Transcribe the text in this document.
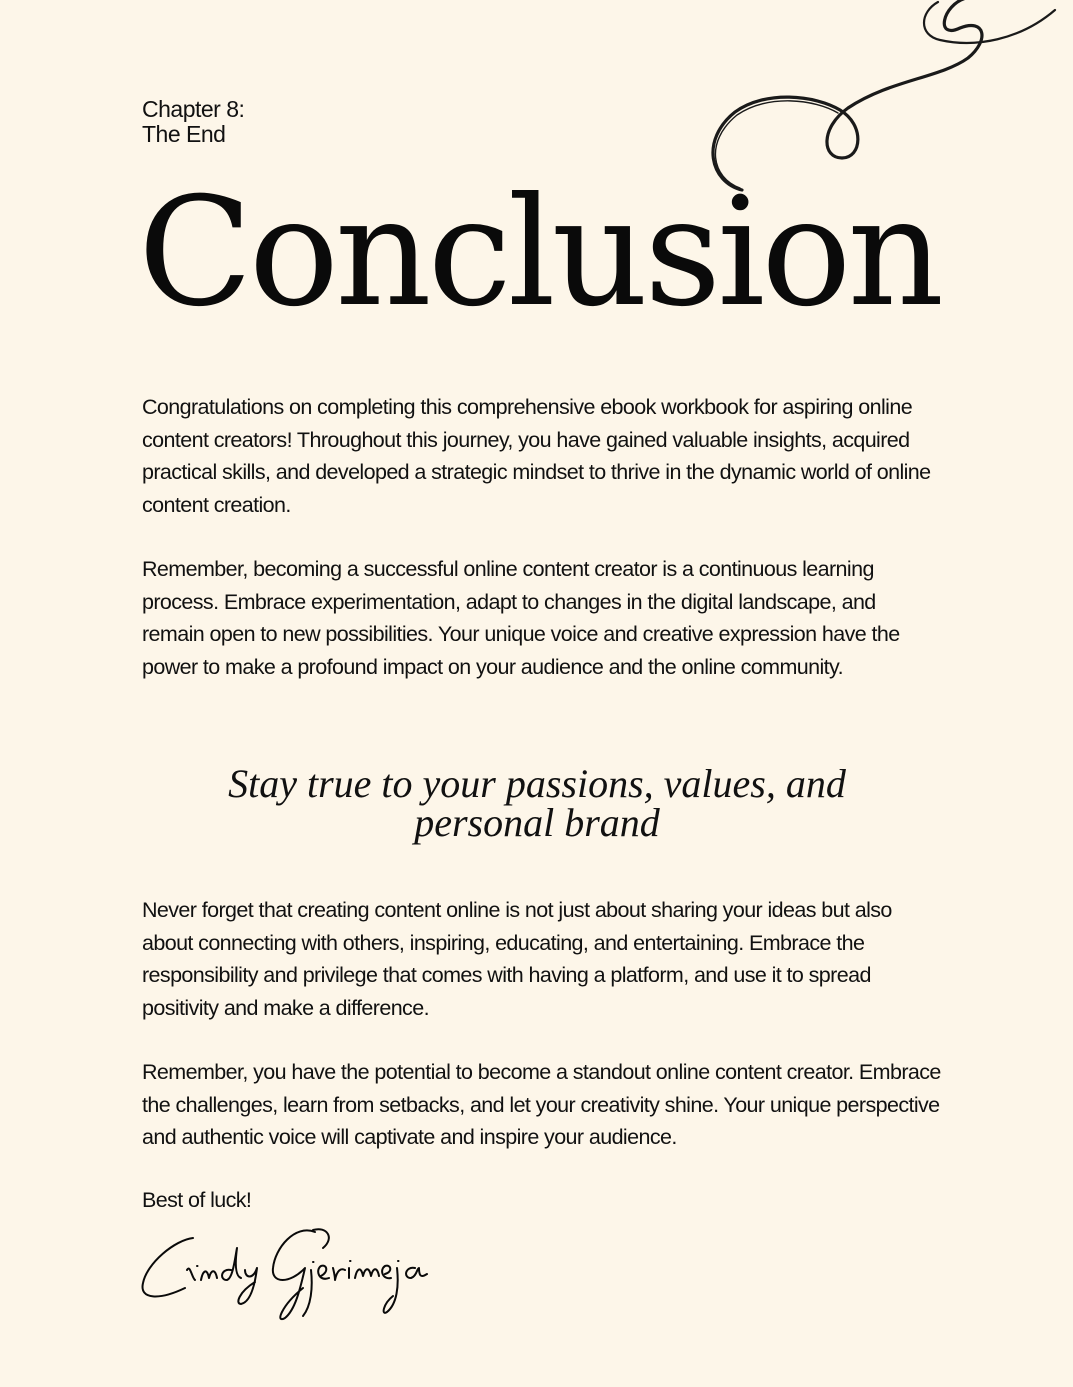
Chapter 8:
The End
Conclusion

Congratulations on completing this comprehensive ebook workbook for aspiring online content creators! Throughout this journey, you have gained valuable insights, acquired practical skills, and developed a strategic mindset to thrive in the dynamic world of online content creation.

Remember, becoming a successful online content creator is a continuous learning process. Embrace experimentation, adapt to changes in the digital landscape, and remain open to new possibilities. Your unique voice and creative expression have the power to make a profound impact on your audience and the online community.

Stay true to your passions, values, and
personal brand

Never forget that creating content online is not just about sharing your ideas but also about connecting with others, inspiring, educating, and entertaining. Embrace the responsibility and privilege that comes with having a platform, and use it to spread positivity and make a difference.

Remember, you have the potential to become a standout online content creator. Embrace the challenges, learn from setbacks, and let your creativity shine. Your unique perspective and authentic voice will captivate and inspire your audience.

Best of luck!
